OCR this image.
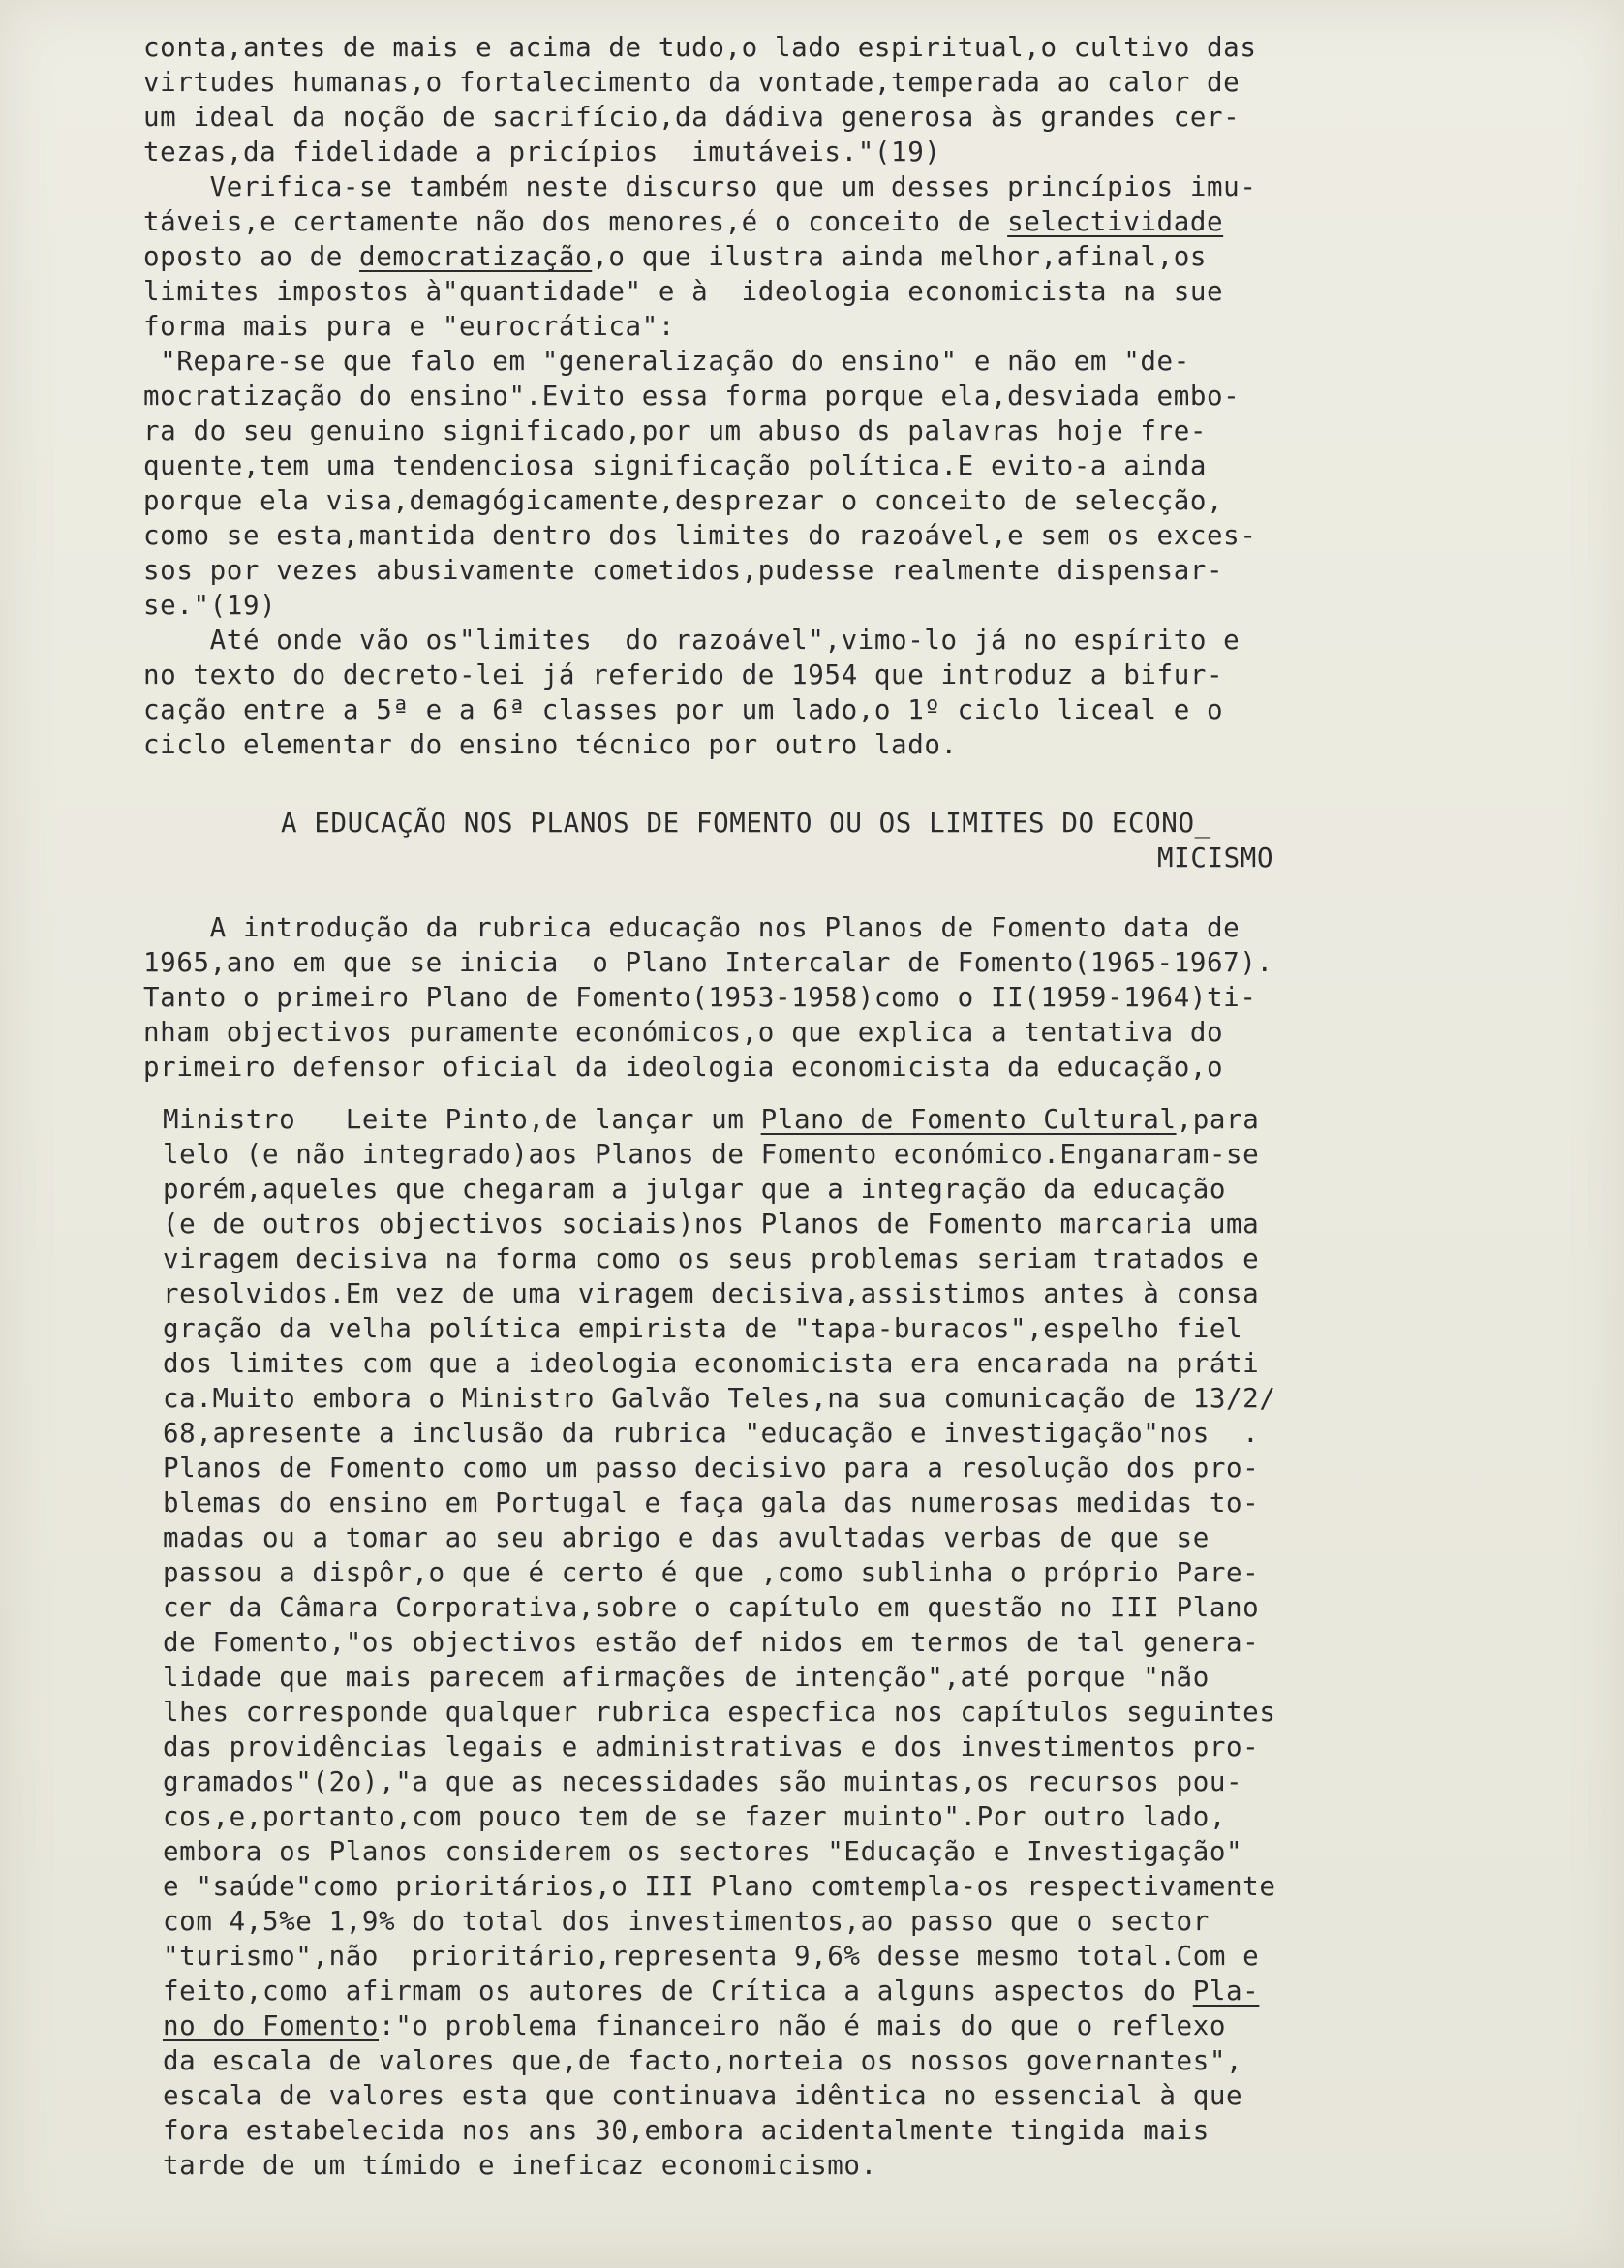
conta,antes de mais e acima de tudo,o lado espiritual,o cultivo das
virtudes humanas,o fortalecimento da vontade,temperada ao calor de
um ideal da noção de sacrifício,da dádiva generosa às grandes cer-
tezas,da fidelidade a pricípios  imutáveis."(19)
Verifica-se também neste discurso que um desses princípios imu-
táveis,e certamente não dos menores,é o conceito de selectividade
oposto ao de democratização,o que ilustra ainda melhor,afinal,os
limites impostos à"quantidade" e à  ideologia economicista na sue
forma mais pura e "eurocrática":
"Repare-se que falo em "generalização do ensino" e não em "de-
mocratização do ensino".Evito essa forma porque ela,desviada embo-
ra do seu genuino significado,por um abuso ds palavras hoje fre-
quente,tem uma tendenciosa significação política.E evito-a ainda
porque ela visa,demagógicamente,desprezar o conceito de selecção,
como se esta,mantida dentro dos limites do razoável,e sem os exces-
sos por vezes abusivamente cometidos,pudesse realmente dispensar-
se."(19)
Até onde vão os"limites  do razoável",vimo-lo já no espírito e
no texto do decreto-lei já referido de 1954 que introduz a bifur-
cação entre a 5ª e a 6ª classes por um lado,o 1º ciclo liceal e o
ciclo elementar do ensino técnico por outro lado.
A EDUCAÇÃO NOS PLANOS DE FOMENTO OU OS LIMITES DO ECONO_
MICISMO
A introdução da rubrica educação nos Planos de Fomento data de
1965,ano em que se inicia  o Plano Intercalar de Fomento(1965-1967).
Tanto o primeiro Plano de Fomento(1953-1958)como o II(1959-1964)ti-
nham objectivos puramente económicos,o que explica a tentativa do
primeiro defensor oficial da ideologia economicista da educação,o
Ministro   Leite Pinto,de lançar um Plano de Fomento Cultural,para
lelo (e não integrado)aos Planos de Fomento económico.Enganaram-se
porém,aqueles que chegaram a julgar que a integração da educação
(e de outros objectivos sociais)nos Planos de Fomento marcaria uma
viragem decisiva na forma como os seus problemas seriam tratados e
resolvidos.Em vez de uma viragem decisiva,assistimos antes à consa
gração da velha política empirista de "tapa-buracos",espelho fiel
dos limites com que a ideologia economicista era encarada na práti
ca.Muito embora o Ministro Galvão Teles,na sua comunicação de 13/2/
68,apresente a inclusão da rubrica "educação e investigação"nos  .
Planos de Fomento como um passo decisivo para a resolução dos pro-
blemas do ensino em Portugal e faça gala das numerosas medidas to-
madas ou a tomar ao seu abrigo e das avultadas verbas de que se
passou a dispôr,o que é certo é que ,como sublinha o próprio Pare-
cer da Câmara Corporativa,sobre o capítulo em questão no III Plano
de Fomento,"os objectivos estão def nidos em termos de tal genera-
lidade que mais parecem afirmações de intenção",até porque "não
lhes corresponde qualquer rubrica especfica nos capítulos seguintes
das providências legais e administrativas e dos investimentos pro-
gramados"(2o),"a que as necessidades são muintas,os recursos pou-
cos,e,portanto,com pouco tem de se fazer muinto".Por outro lado,
embora os Planos considerem os sectores "Educação e Investigação"
e "saúde"como prioritários,o III Plano comtempla-os respectivamente
com 4,5%e 1,9% do total dos investimentos,ao passo que o sector
"turismo",não  prioritário,representa 9,6% desse mesmo total.Com e
feito,como afirmam os autores de Crítica a alguns aspectos do Pla-
no do Fomento:"o problema financeiro não é mais do que o reflexo
da escala de valores que,de facto,norteia os nossos governantes",
escala de valores esta que continuava idêntica no essencial à que
fora estabelecida nos ans 30,embora acidentalmente tingida mais
tarde de um tímido e ineficaz economicismo.
